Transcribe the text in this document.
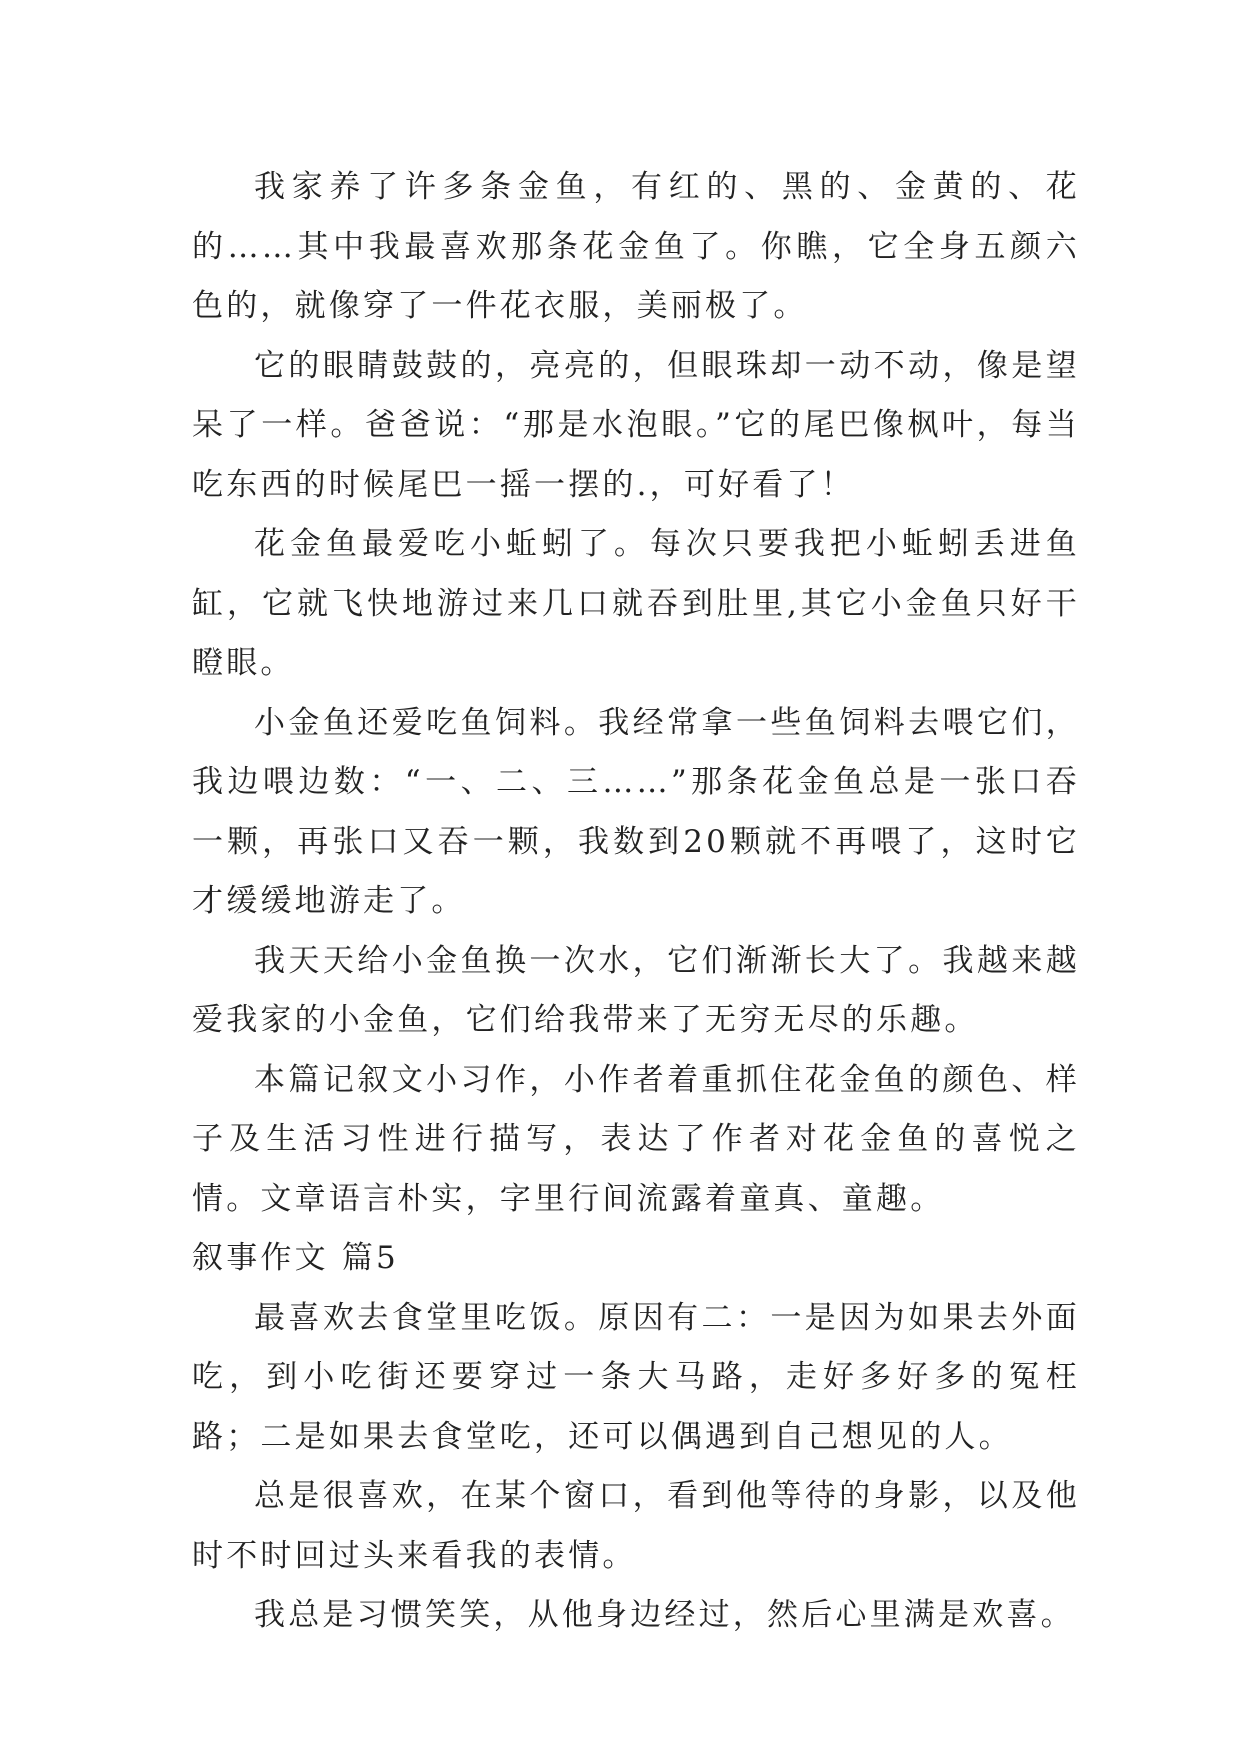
我家养了许多条金鱼，有红的、黑的、金黄的、花的……其中我最喜欢那条花金鱼了。你瞧，它全身五颜六色的，就像穿了一件花衣服，美丽极了。

它的眼睛鼓鼓的，亮亮的，但眼珠却一动不动，像是望呆了一样。爸爸说：“那是水泡眼。”它的尾巴像枫叶，每当吃东西的时候尾巴一摇一摆的.，可好看了！

花金鱼最爱吃小蚯蚓了。每次只要我把小蚯蚓丢进鱼缸，它就飞快地游过来几口就吞到肚里,其它小金鱼只好干瞪眼。

小金鱼还爱吃鱼饲料。我经常拿一些鱼饲料去喂它们，我边喂边数：“一、二、三……”那条花金鱼总是一张口吞一颗，再张口又吞一颗，我数到20颗就不再喂了，这时它才缓缓地游走了。

我天天给小金鱼换一次水，它们渐渐长大了。我越来越爱我家的小金鱼，它们给我带来了无穷无尽的乐趣。

本篇记叙文小习作，小作者着重抓住花金鱼的颜色、样子及生活习性进行描写，表达了作者对花金鱼的喜悦之情。文章语言朴实，字里行间流露着童真、童趣。

叙事作文 篇5

最喜欢去食堂里吃饭。原因有二：一是因为如果去外面吃，到小吃街还要穿过一条大马路，走好多好多的冤枉路；二是如果去食堂吃，还可以偶遇到自己想见的人。

总是很喜欢，在某个窗口，看到他等待的身影，以及他时不时回过头来看我的表情。

我总是习惯笑笑，从他身边经过，然后心里满是欢喜。
